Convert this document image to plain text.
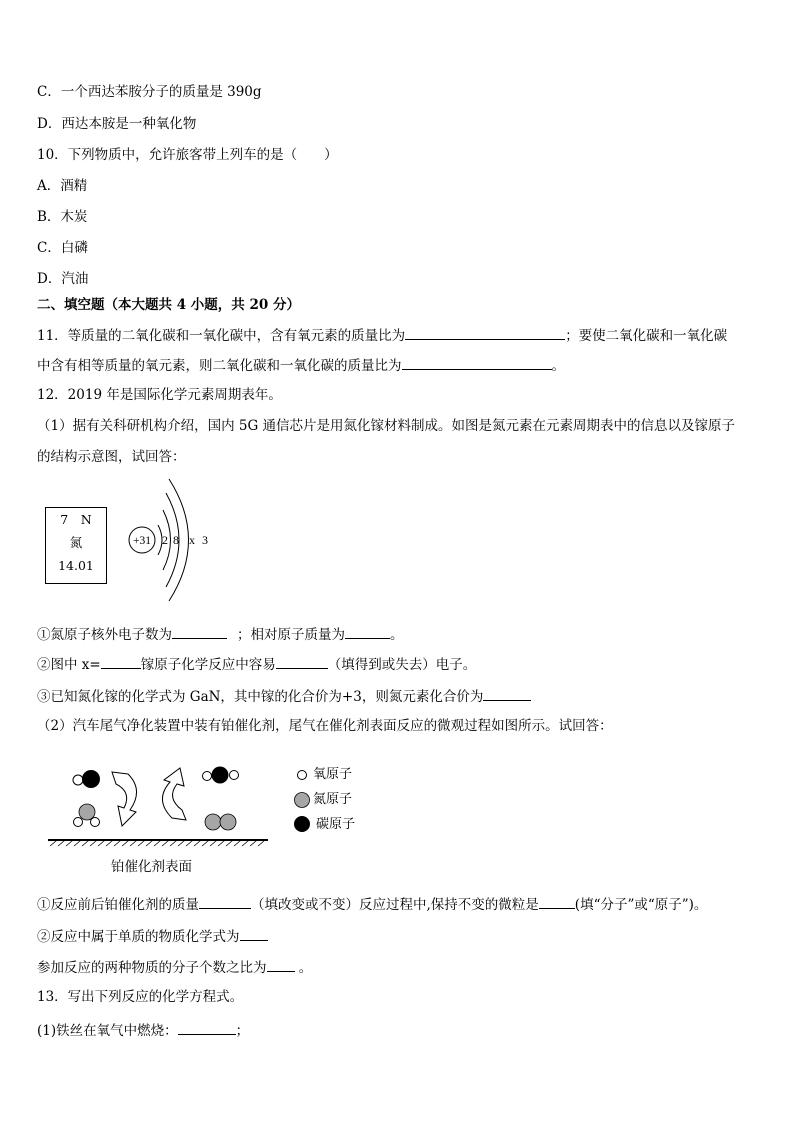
C．一个西达苯胺分子的质量是 390g
D．西达本胺是一种氧化物
10．下列物质中，允许旅客带上列车的是（　　）
A．酒精
B．木炭
C．白磷
D．汽油
二、填空题（本大题共 4 小题，共 20 分）
11．等质量的二氧化碳和一氧化碳中，含有氧元素的质量比为	；要使二氧化碳和一氧化碳
中含有相等质量的氧元素，则二氧化碳和一氧化碳的质量比为	。
12．2019 年是国际化学元素周期表年。
（1）据有关科研机构介绍，国内 5G 通信芯片是用氮化镓材料制成。如图是氮元素在元素周期表中的信息以及镓原子
的结构示意图，试回答：
7　N
氮
14.01
+31 2 8 x 3
①氮原子核外电子数为	；相对原子质量为	。
②图中 x=	镓原子化学反应中容易	（填得到或失去）电子。
③已知氮化镓的化学式为 GaN，其中镓的化合价为+3，则氮元素化合价为
（2）汽车尾气净化装置中装有铂催化剂，尾气在催化剂表面反应的微观过程如图所示。试回答：
铂催化剂表面
氧原子
氮原子
碳原子
①反应前后铂催化剂的质量	（填改变或不变）反应过程中,保持不变的微粒是	(填“分子”或“原子”)。
②反应中属于单质的物质化学式为
参加反应的两种物质的分子个数之比为 。
13．写出下列反应的化学方程式。
(1)铁丝在氧气中燃烧：	；
